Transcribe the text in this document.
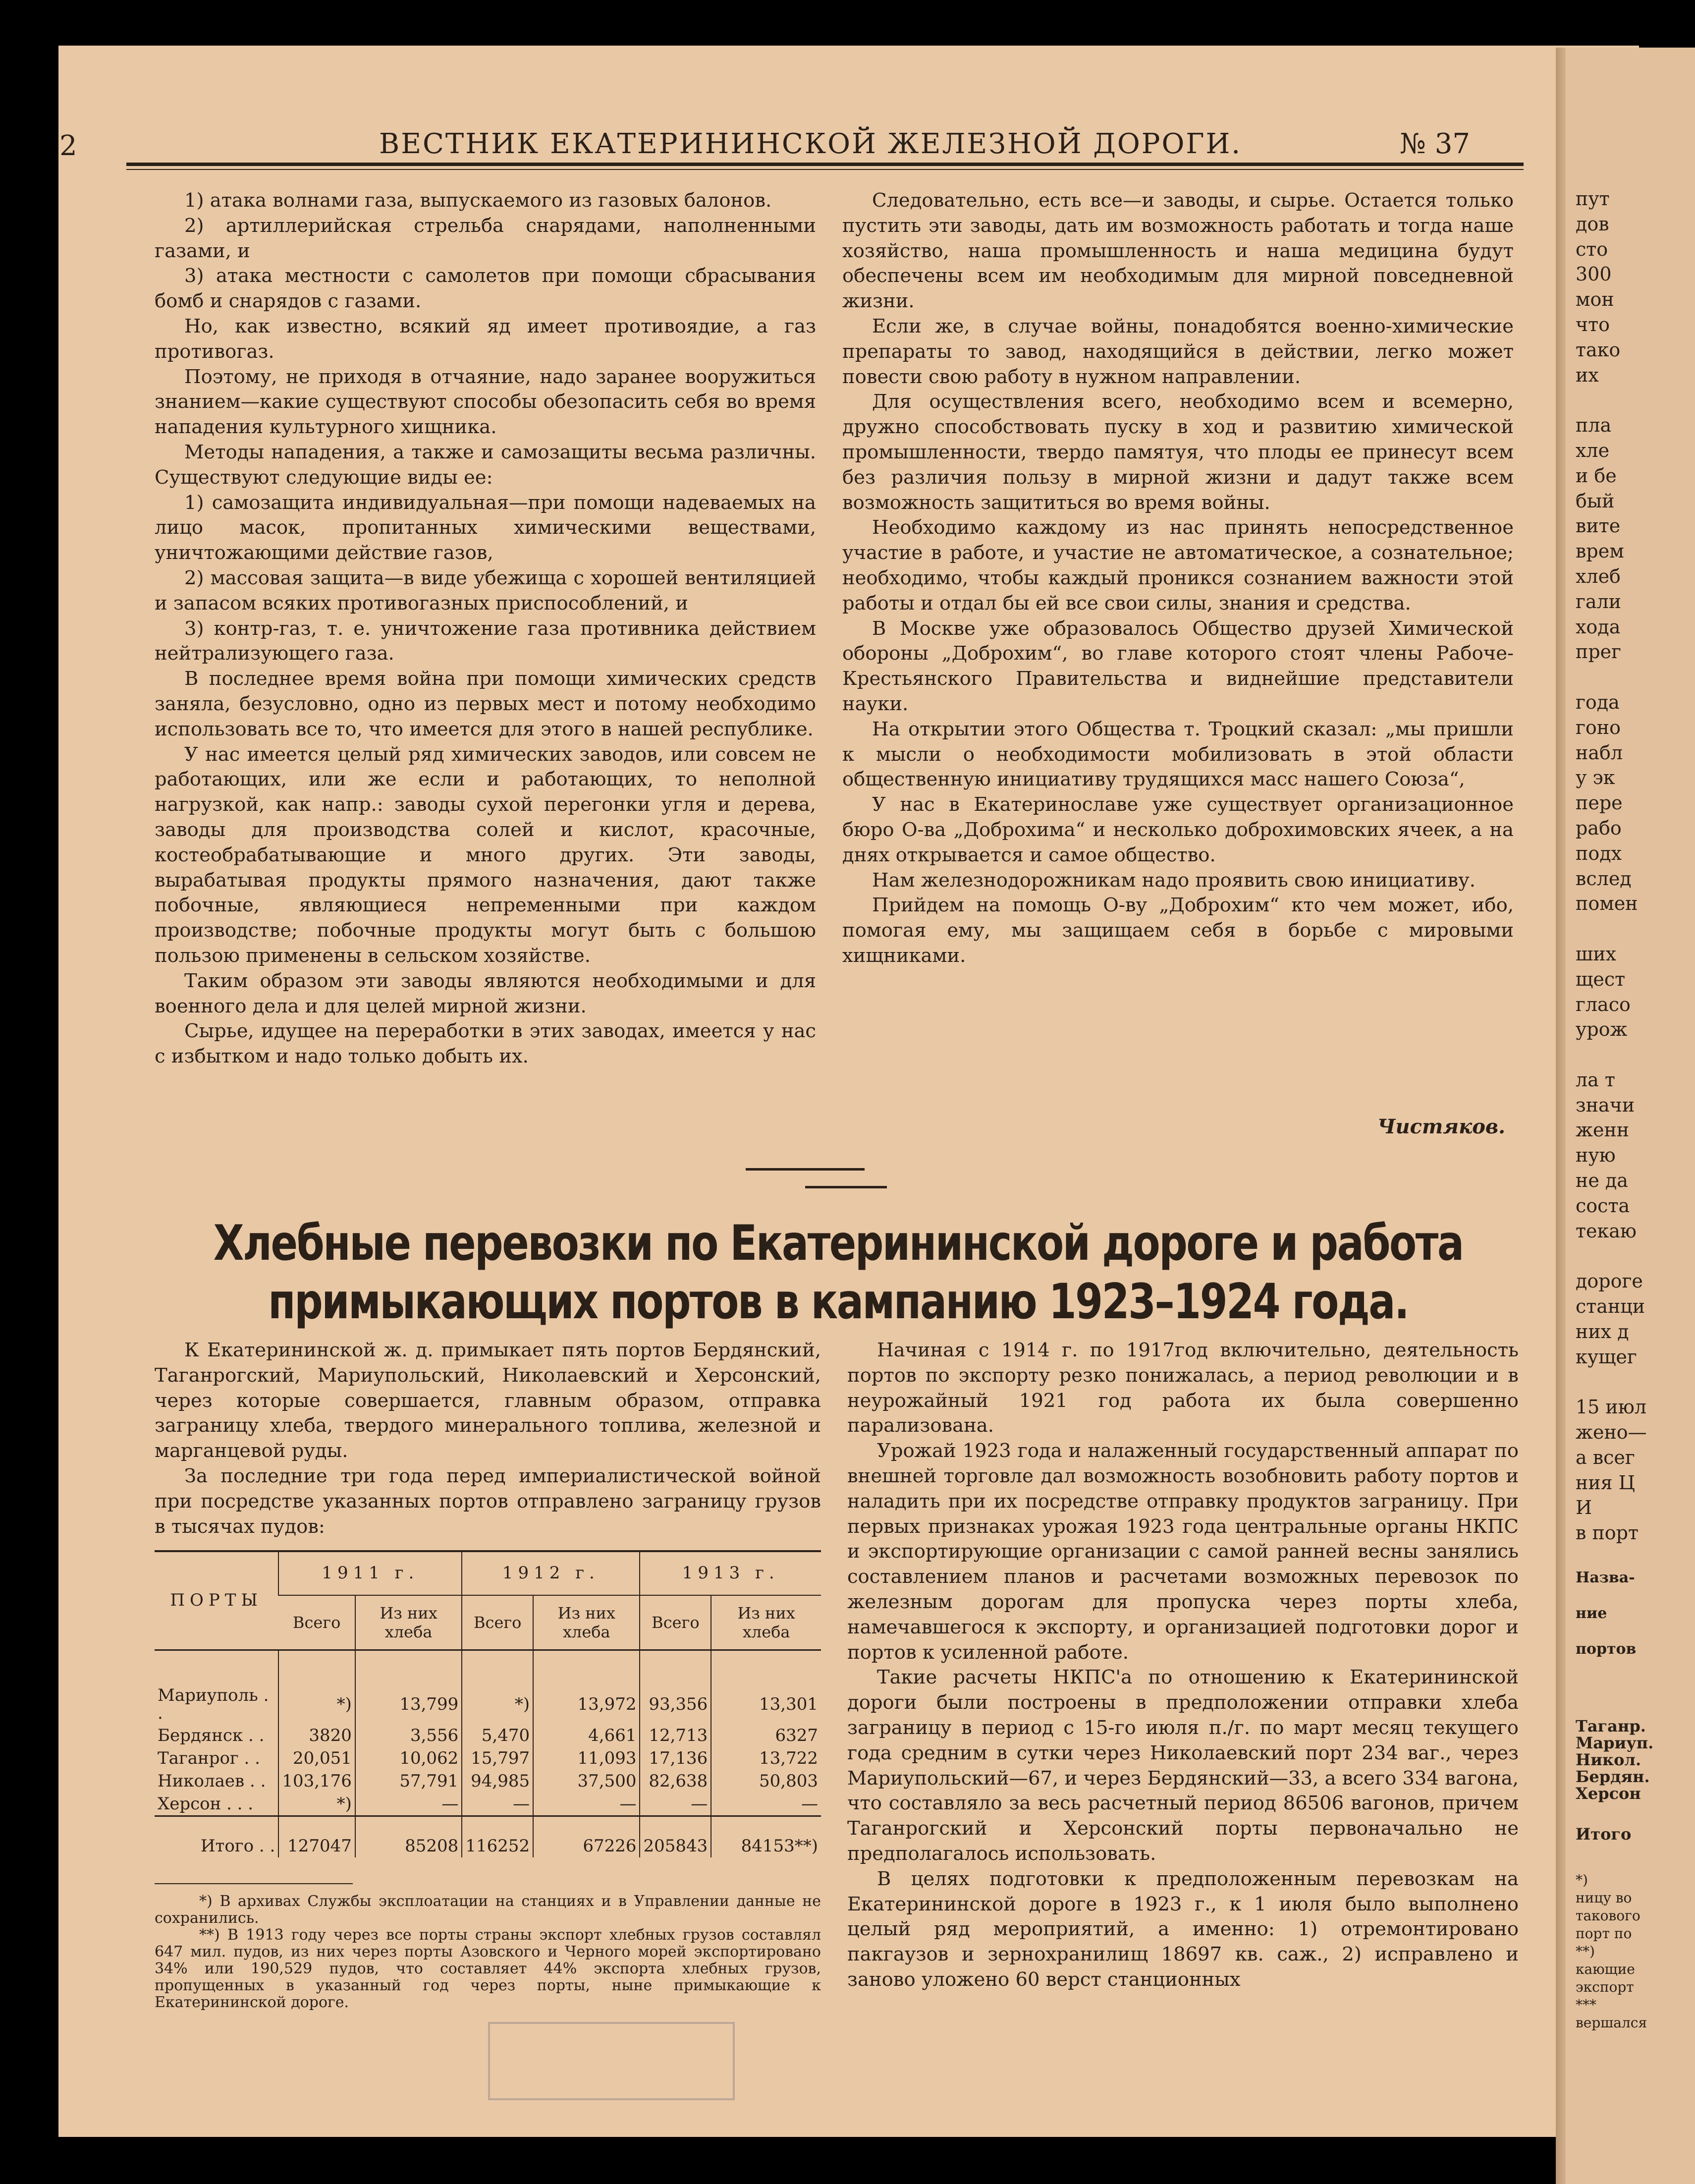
пут
дов
сто
300
мон
что
тако
их

пла
хле
и бе
бый
вите
врем
хлеб
гали
хода
прег

года
гоно
набл
у эк
пере
рабо
подх
вслед
помен

ших
щест
гласо
урож

ла т
значи
женн
ную
не да
соста
текаю

дороге
станци
них д
кущег

15 июл
жено—
а всег
ния Ц
И
в порт
Назва-

ние

портов
Таганр.
Мариуп.
Никол.
Бердян.
Херсон
Итого
*)
ницу во
такового
порт по
**)
кающие
экспорт
***
вершался
2	ВЕСТНИК ЕКАТЕРИНИНСКОЙ ЖЕЛЕЗНОЙ ДОРОГИ.	№ 37

1) атака волнами газа, выпускаемого из газовых балонов.

2) артиллерийская стрельба снарядами, наполненными газами, и

3) атака местности с самолетов при помощи сбрасывания бомб и снарядов с газами.

Но, как известно, всякий яд имеет противоядие, а газ противогаз.

Поэтому, не приходя в отчаяние, надо заранее вооружиться знанием—какие существуют способы обезопасить себя во время нападения культурного хищника.

Методы нападения, а также и самозащиты весьма различны. Существуют следующие виды ее:

1) самозащита индивидуальная—при помощи надеваемых на лицо масок, пропитанных химическими веществами, уничтожающими действие газов,

2) массовая защита—в виде убежища с хорошей вентиляцией и запасом всяких противогазных приспособлений, и

3) контр-газ, т. е. уничтожение газа противника действием нейтрализующего газа.

В последнее время война при помощи химических средств заняла, безусловно, одно из первых мест и потому необходимо использовать все то, что имеется для этого в нашей республике.

У нас имеется целый ряд химических заводов, или совсем не работающих, или же если и работающих, то неполной нагрузкой, как напр.: заводы сухой перегонки угля и дерева, заводы для производства солей и кислот, красочные, костеобрабатывающие и много других. Эти заводы, вырабатывая продукты прямого назначения, дают также побочные, являющиеся непременными при каждом производстве; побочные продукты могут быть с большою пользою применены в сельском хозяйстве.

Таким образом эти заводы являются необходимыми и для военного дела и для целей мирной жизни.

Сырье, идущее на переработки в этих заводах, имеется у нас с избытком и надо только добыть их.

Следовательно, есть все—и заводы, и сырье. Остается только пустить эти заводы, дать им возможность работать и тогда наше хозяйство, наша промышленность и наша медицина будут обеспечены всем им необходимым для мирной повседневной жизни.

Если же, в случае войны, понадобятся военно-химические препараты то завод, находящийся в действии, легко может повести свою работу в нужном направлении.

Для осуществления всего, необходимо всем и всемерно, дружно способствовать пуску в ход и развитию химической промышленности, твердо памятуя, что плоды ее принесут всем без различия пользу в мирной жизни и дадут также всем возможность защититься во время войны.

Необходимо каждому из нас принять непосредственное участие в работе, и участие не автоматическое, а сознательное; необходимо, чтобы каждый проникся сознанием важности этой работы и отдал бы ей все свои силы, знания и средства.

В Москве уже образовалось Общество друзей Химической обороны „Доброхим“, во главе которого стоят члены Рабоче-Крестьянского Правительства и виднейшие представители науки.

На открытии этого Общества т. Троцкий сказал: „мы пришли к мысли о необходимости мобилизовать в этой области общественную инициативу трудящихся масс нашего Союза“,

У нас в Екатеринославе уже существует организационное бюро О-ва „Доброхима“ и несколько доброхимовских ячеек, а на днях открывается и самое общество.

Нам железнодорожникам надо проявить свою инициативу.

Прийдем на помощь О-ву „Доброхим“ кто чем может, ибо, помогая ему, мы защищаем себя в борьбе с мировыми хищниками.

Чистяков.
Хлебные перевозки по Екатерининской дороге и работа примыкающих портов в кампанию 1923–1924 года.

К Екатерининской ж. д. примыкает пять портов Бердянский, Таганрогский, Мариупольский, Николаевский и Херсонский, через которые совершается, главным образом, отправка заграницу хлеба, твердого минерального топлива, железной и марганцевой руды.

За последние три года перед империалистической войной при посредстве указанных портов отправлено заграницу грузов в тысячах пудов:

Начиная с 1914 г. по 1917год включительно, деятельность портов по экспорту резко понижалась, а период революции и в неурожайный 1921 год работа их была совершенно парализована.

Урожай 1923 года и налаженный государственный аппарат по внешней торговле дал возможность возобновить работу портов и наладить при их посредстве отправку продуктов заграницу. При первых признаках урожая 1923 года центральные органы НКПС и экспортирующие организации с самой ранней весны занялись составлением планов и расчетами возможных перевозок по железным дорогам для пропуска через порты хлеба, намечавшегося к экспорту, и организацией подготовки дорог и портов к усиленной работе.

Такие расчеты НКПС'а по отношению к Екатерининской дороги были построены в предположении отправки хлеба заграницу в период с 15-го июля п./г. по март месяц текущего года средним в сутки через Николаевский порт 234 ваг., через Мариупольский—67, и через Бердянский—33, а всего 334 вагона, что составляло за весь расчетный период 86506 вагонов, причем Таганрогский и Херсонский порты первоначально не предполагалось использовать.

В целях подготовки к предположенным перевозкам на Екатерининской дороге в 1923 г., к 1 июля было выполнено целый ряд мероприятий, а именно: 1) отремонтировано пакгаузов и зернохранилищ 18697 кв. саж., 2) исправлено и заново уложено 60 верст станционных

ПОРТЫ	1911 г.		1912 г.		1913 г.	
	Всего	Из них хлеба	Всего	Из них хлеба	Всего	Из них хлеба

Мариуполь . .	*)	13,799	*)	13,972	93,356	13,301
Бердянск . .	3820	3,556	5,470	4,661	12,713	6327
Таганрог . .	20,051	10,062	15,797	11,093	17,136	13,722
Николаев . .	103,176	57,791	94,985	37,500	82,638	50,803
Херсон . . .	*)	—	—	—	—	—
Итого . .	127047	85208	116252	67226	205843	84153**)

*) В архивах Службы эксплоатации на станциях и в Управлении данные не сохранились.

**) В 1913 году через все порты страны экспорт хлебных грузов составлял 647 мил. пудов, из них через порты Азовского и Черного морей экспортировано 34% или 190,529 пудов, что составляет 44% экспорта хлебных грузов, пропущенных в указанный год через порты, ныне примыкающие к Екатерининской дороге.
